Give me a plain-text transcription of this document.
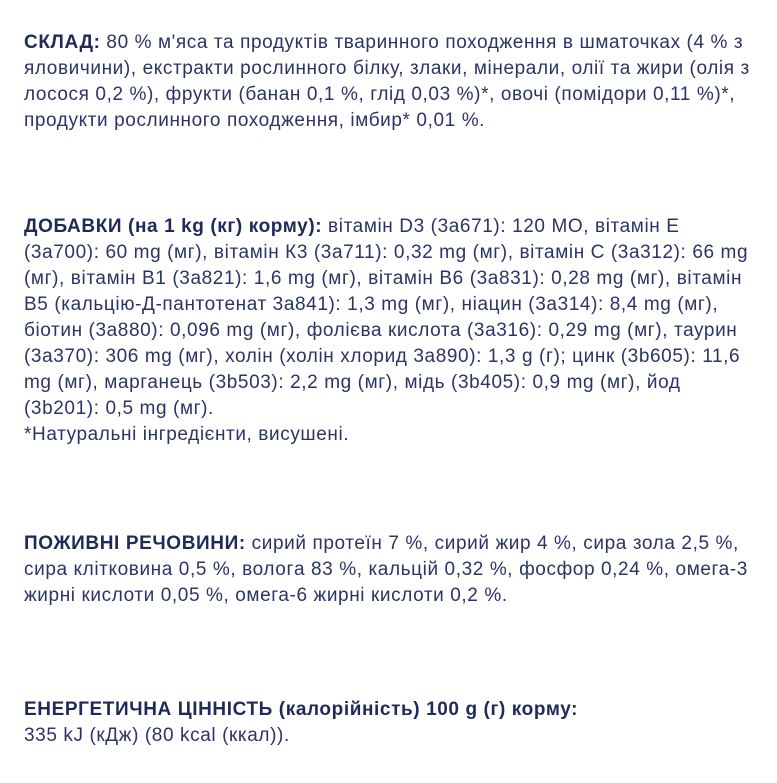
СКЛАД: 80 % м'яса та продуктів тваринного походження в шматочках (4 % з яловичини), екстракти рослинного білку, злаки, мінерали, олії та жири (олія з лосося 0,2 %), фрукти (банан 0,1 %, глід 0,03 %)*, овочі (помідори 0,11 %)*, продукти рослинного походження, імбир* 0,01 %.
ДОБАВКИ (на 1 kg (кг) корму): вітамін D3 (3а671): 120 МО, вітамін Е (3а700): 60 mg (мг), вітамін К3 (3а711): 0,32 mg (мг), вітамін С (3а312): 66 mg (мг), вітамін В1 (3а821): 1,6 mg (мг), вітамін В6 (3а831): 0,28 mg (мг), вітамін В5 (кальцію-Д-пантотенат 3а841): 1,3 mg (мг), ніацин (3а314): 8,4 mg (мг), біотин (3а880): 0,096 mg (мг), фолієва кислота (3а316): 0,29 mg (мг), таурин (3а370): 306 mg (мг), холін (холін хлорид 3а890): 1,3 g (г); цинк (3b605): 11,6 mg (мг), марганець (3b503): 2,2 mg (мг), мідь (3b405): 0,9 mg (мг), йод (3b201): 0,5 mg (мг).
*Натуральні інгредієнти, висушені.
ПОЖИВНІ РЕЧОВИНИ: сирий протеїн 7 %, сирий жир 4 %, сира зола 2,5 %, сира клітковина 0,5 %, вологa 83 %, кальцій 0,32 %, фосфор 0,24 %, омега-3 жирні кислоти 0,05 %, омега-6 жирні кислоти 0,2 %.
ЕНЕРГЕТИЧНА ЦІННІСТЬ (калорійність) 100 g (г) корму:
335 kJ (кДж) (80 kcal (ккал)).
